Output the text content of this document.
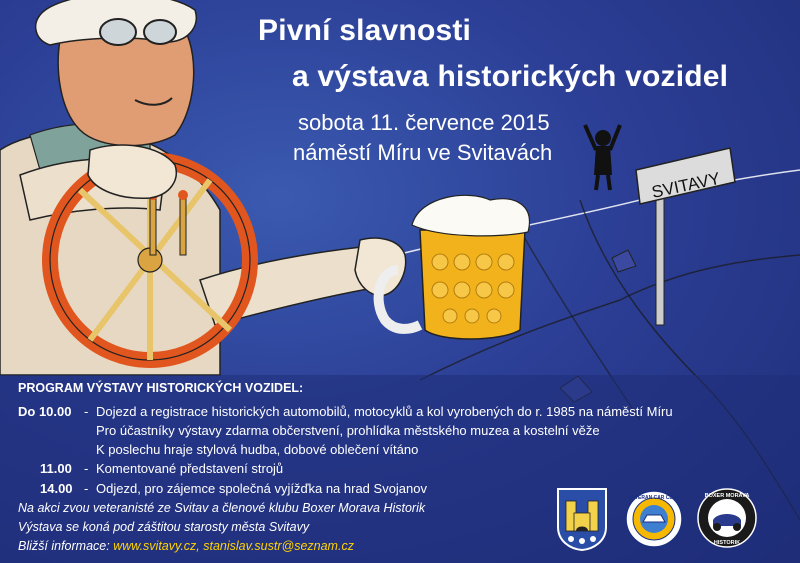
SVITAVY
Pivní slavnosti
a výstava historických vozidel
sobota 11. července 2015
náměstí Míru ve Svitavách
PROGRAM VÝSTAVY HISTORICKÝCH VOZIDEL:
Do 10.00 - Dojezd a registrace historických automobilů, motocyklů a kol vyrobených do r. 1985 na náměstí Míru
Pro účastníky výstavy zdarma občerstvení, prohlídka městského muzea a kostelní věže
K poslechu hraje stylová hudba, dobové oblečení vítáno
11.00 - Komentované představení strojů
14.00 - Odjezd, pro zájemce společná vyjížďka na hrad Svojanov
Na akci zvou veteranisté ze Svitav a členové klubu Boxer Morava Historik
Výstava se koná pod záštitou starosty města Svitavy
Bližší informace: www.svitavy.cz, stanislav.sustr@seznam.cz
VETERAN CAR CLUB	BOXER MORAVA
HISTORIK
